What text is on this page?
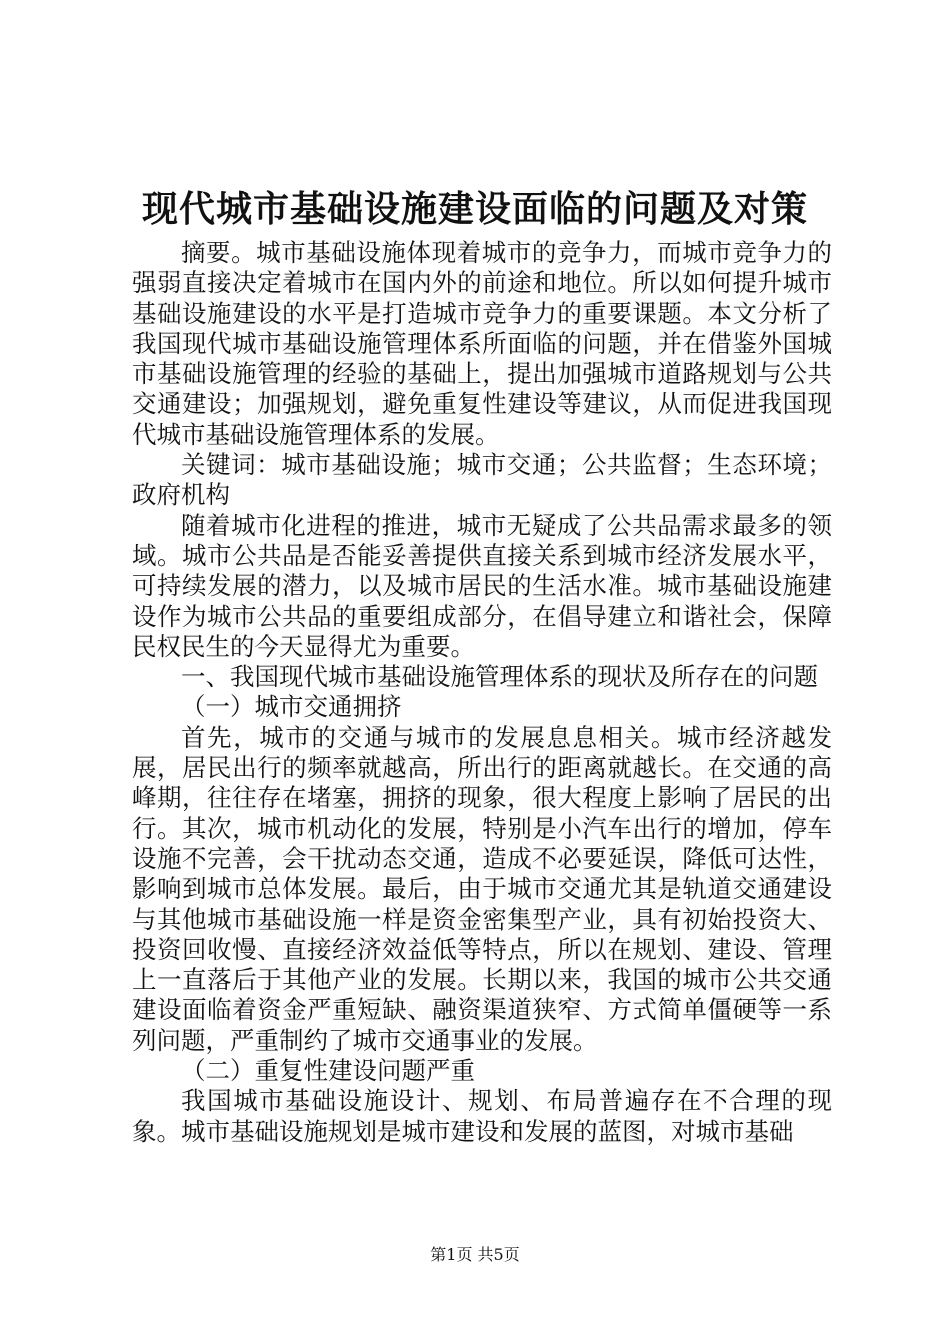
现代城市基础设施建设面临的问题及对策

摘要。城市基础设施体现着城市的竞争力，而城市竞争力的强弱直接决定着城市在国内外的前途和地位。所以如何提升城市基础设施建设的水平是打造城市竞争力的重要课题。本文分析了我国现代城市基础设施管理体系所面临的问题，并在借鉴外国城市基础设施管理的经验的基础上，提出加强城市道路规划与公共交通建设；加强规划，避免重复性建设等建议，从而促进我国现代城市基础设施管理体系的发展。

关键词：城市基础设施；城市交通；公共监督；生态环境；政府机构

随着城市化进程的推进，城市无疑成了公共品需求最多的领域。城市公共品是否能妥善提供直接关系到城市经济发展水平，可持续发展的潜力，以及城市居民的生活水准。城市基础设施建设作为城市公共品的重要组成部分，在倡导建立和谐社会，保障民权民生的今天显得尤为重要。

一、我国现代城市基础设施管理体系的现状及所存在的问题

（一）城市交通拥挤

首先，城市的交通与城市的发展息息相关。城市经济越发展，居民出行的频率就越高，所出行的距离就越长。在交通的高峰期，往往存在堵塞，拥挤的现象，很大程度上影响了居民的出行。其次，城市机动化的发展，特别是小汽车出行的增加，停车设施不完善，会干扰动态交通，造成不必要延误，降低可达性，影响到城市总体发展。最后，由于城市交通尤其是轨道交通建设与其他城市基础设施一样是资金密集型产业，具有初始投资大、投资回收慢、直接经济效益低等特点，所以在规划、建设、管理上一直落后于其他产业的发展。长期以来，我国的城市公共交通建设面临着资金严重短缺、融资渠道狭窄、方式简单僵硬等一系列问题，严重制约了城市交通事业的发展。

（二）重复性建设问题严重

我国城市基础设施设计、规划、布局普遍存在不合理的现象。城市基础设施规划是城市建设和发展的蓝图，对城市基础

第1页 共5页
